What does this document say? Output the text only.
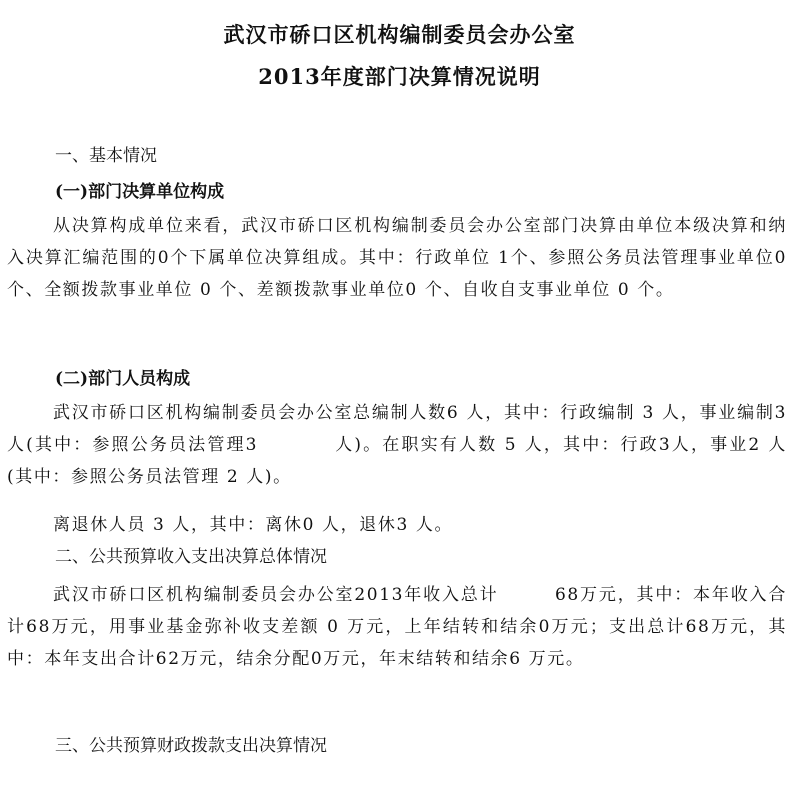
武汉市硚口区机构编制委员会办公室
2013年度部门决算情况说明
一、基本情况
(一)部门决算单位构成
从决算构成单位来看，武汉市硚口区机构编制委员会办公室部门决算由单位本级决算和纳入决算汇编范围的0个下属单位决算组成。其中：行政单位 1个、参照公务员法管理事业单位0 个、全额拨款事业单位 0 个、差额拨款事业单位0 个、自收自支事业单位 0 个。
(二)部门人员构成
武汉市硚口区机构编制委员会办公室总编制人数6 人，其中：行政编制 3 人，事业编制3 人(其中：参照公务员法管理3　　　　人)。在职实有人数 5 人，其中：行政3人，事业2 人(其中：参照公务员法管理 2 人)。
离退休人员 3 人，其中：离休0 人，退休3 人。
二、公共预算收入支出决算总体情况
武汉市硚口区机构编制委员会办公室2013年收入总计　　　68万元，其中：本年收入合计68万元，用事业基金弥补收支差额 0 万元，上年结转和结余0万元；支出总计68万元，其中：本年支出合计62万元，结余分配0万元，年末结转和结余6 万元。
三、公共预算财政拨款支出决算情况
